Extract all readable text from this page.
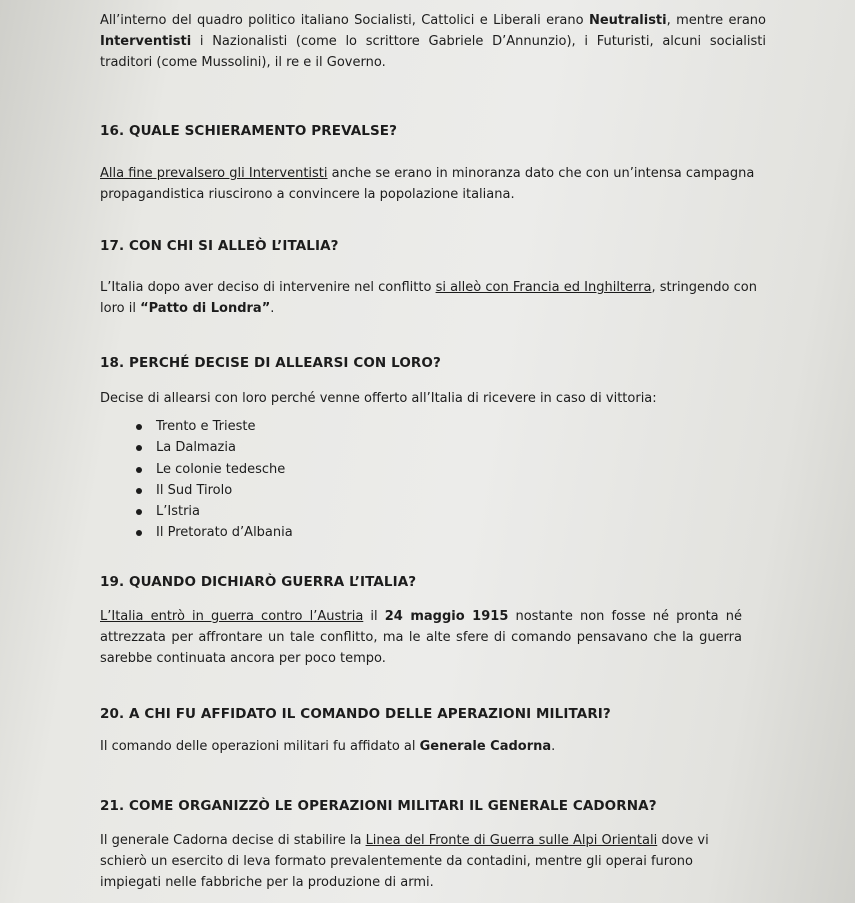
All’interno del quadro politico italiano Socialisti, Cattolici e Liberali erano Neutralisti, mentre erano Interventisti i Nazionalisti (come lo scrittore Gabriele D’Annunzio), i Futuristi, alcuni socialisti traditori (come Mussolini), il re e il Governo.

16. QUALE SCHIERAMENTO PREVALSE?

Alla fine prevalsero gli Interventisti anche se erano in minoranza dato che con un’intensa campagna propagandistica riuscirono a convincere la popolazione italiana.

17. CON CHI SI ALLEÒ L’ITALIA?

L’Italia dopo aver deciso di intervenire nel conflitto si alleò con Francia ed Inghilterra, stringendo con loro il “Patto di Londra”.

18. PERCHÉ DECISE DI ALLEARSI CON LORO?

Decise di allearsi con loro perché venne offerto all’Italia di ricevere in caso di vittoria:

Trento e Trieste
La Dalmazia
Le colonie tedesche
Il Sud Tirolo
L’Istria
Il Pretorato d’Albania
19. QUANDO DICHIARÒ GUERRA L’ITALIA?

L’Italia entrò in guerra contro l’Austria il 24 maggio 1915 nostante non fosse né pronta né attrezzata per affrontare un tale conflitto, ma le alte sfere di comando pensavano che la guerra sarebbe continuata ancora per poco tempo.

20. A CHI FU AFFIDATO IL COMANDO DELLE APERAZIONI MILITARI?

Il comando delle operazioni militari fu affidato al Generale Cadorna.

21. COME ORGANIZZÒ LE OPERAZIONI MILITARI IL GENERALE CADORNA?

Il generale Cadorna decise di stabilire la Linea del Fronte di Guerra sulle Alpi Orientali dove vi schierò un esercito di leva formato prevalentemente da contadini, mentre gli operai furono impiegati nelle fabbriche per la produzione di armi.
